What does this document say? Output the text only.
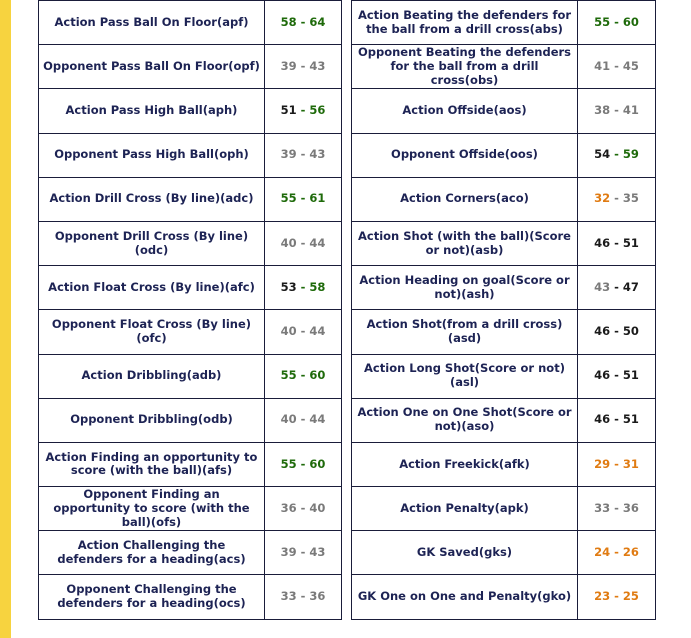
Action Pass Ball On Floor(apf)	58 - 64
Opponent Pass Ball On Floor(opf)	39 - 43
Action Pass High Ball(aph)	51 - 56
Opponent Pass High Ball(oph)	39 - 43
Action Drill Cross (By line)(adc)	55 - 61
Opponent Drill Cross (By line)(odc)	40 - 44
Action Float Cross (By line)(afc)	53 - 58
Opponent Float Cross (By line)(ofc)	40 - 44
Action Dribbling(adb)	55 - 60
Opponent Dribbling(odb)	40 - 44
Action Finding an opportunity to score (with the ball)(afs)	55 - 60
Opponent Finding an opportunity to score (with the ball)(ofs)	36 - 40
Action Challenging the defenders for a heading(acs)	39 - 43
Opponent Challenging the defenders for a heading(ocs)	33 - 36
Action Beating the defenders for the ball from a drill cross(abs)	55 - 60
Opponent Beating the defenders for the ball from a drill cross(obs)	41 - 45
Action Offside(aos)	38 - 41
Opponent Offside(oos)	54 - 59
Action Corners(aco)	32 - 35
Action Shot (with the ball)(Score or not)(asb)	46 - 51
Action Heading on goal(Score or not)(ash)	43 - 47
Action Shot(from a drill cross)(asd)	46 - 50
Action Long Shot(Score or not)(asl)	46 - 51
Action One on One Shot(Score or not)(aso)	46 - 51
Action Freekick(afk)	29 - 31
Action Penalty(apk)	33 - 36
GK Saved(gks)	24 - 26
GK One on One and Penalty(gko)	23 - 25
